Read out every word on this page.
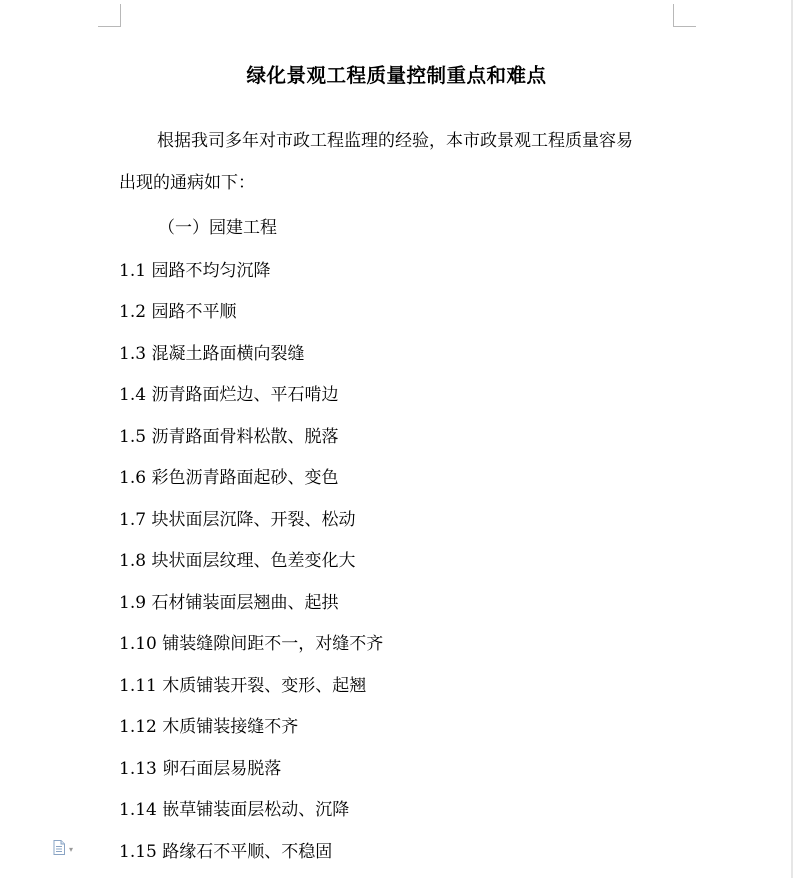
绿化景观工程质量控制重点和难点
根据我司多年对市政工程监理的经验，本市政景观工程质量容易
出现的通病如下：
（一）园建工程
1.1 园路不均匀沉降
1.2 园路不平顺
1.3 混凝土路面横向裂缝
1.4 沥青路面烂边、平石啃边
1.5 沥青路面骨料松散、脱落
1.6 彩色沥青路面起砂、变色
1.7 块状面层沉降、开裂、松动
1.8 块状面层纹理、色差变化大
1.9 石材铺装面层翘曲、起拱
1.10 铺装缝隙间距不一，对缝不齐
1.11 木质铺装开裂、变形、起翘
1.12 木质铺装接缝不齐
1.13 卵石面层易脱落
1.14 嵌草铺装面层松动、沉降
1.15 路缘石不平顺、不稳固
▾
